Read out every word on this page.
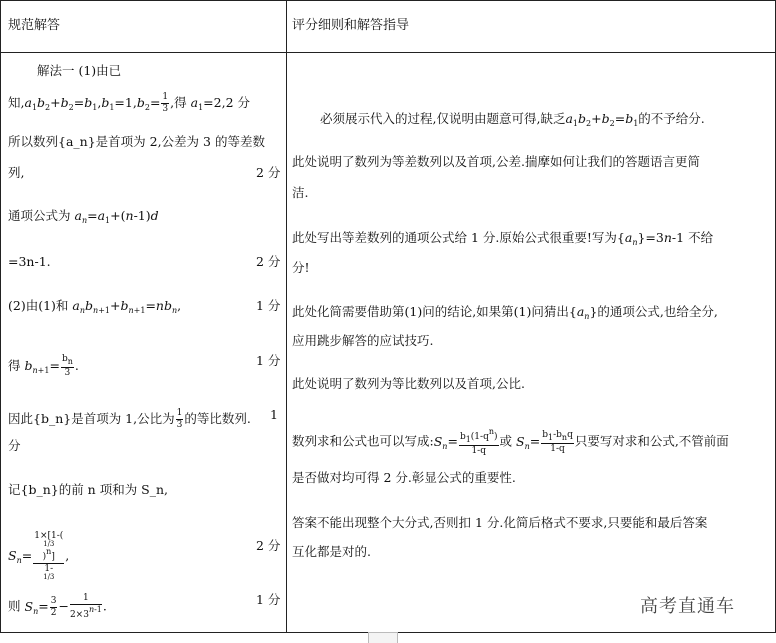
规范解答	评分细则和解答指导
解法一 (1)由已
知$,a_1b_2+b_2=b_1,b_1=1,b_2= \frac{1}{3}$ ,得 $a_1=2,2$ 分
所以数列{a_n}是首项为 2,公差为 3 的等差数
列,	2 分
通项公式为 $a_n=a_1+(n-1)d$
=3n-1.	2 分
(2)由(1)和 $a_nb_{n+1}+b_{n+1}=nb_n$,	1 分
得 $b_{n+1}= \frac{b_n}{3}$ .	1 分
因此{b_n}是首项为 1,公比为 $\frac{1}{3}$ 的等比数列. 1
分
记{b_n}的前 n 项和为 S_n,
$S_n= 1\times[1-$(
1/3
)$^n$]
1-
1/3 ,
2 分
则 $S_n= \frac{3}{2} - \frac{1}{2\times 3^{n-1}}$ .	1 分
必须展示代入的过程,仅说明由题意可得,缺乏$a_1b_2+b_2=b_1$的不予给分.
此处说明了数列为等差数列以及首项,公差.揣摩如何让我们的答题语言更简
洁.
此处写出等差数列的通项公式给 1 分.原始公式很重要!写为$\{a_n\}=3n-1$ 不给
分!
此处化简需要借助第(1)问的结论,如果第(1)问猜出$\{a_n\}$的通项公式,也给全分,
应用跳步解答的应试技巧.
此处说明了数列为等比数列以及首项,公比.
数列求和公式也可以写成$:S_n= \frac{b_1(1-q^n)}{1-q}$ 或 $S_n= \frac{b_1-b_nq}{1-q}$ 只要写对求和公式,不管前面
是否做对均可得 2 分.彰显公式的重要性.
答案不能出现整个大分式,否则扣 1 分.化简后格式不要求,只要能和最后答案
互化都是对的.
高考直通车
